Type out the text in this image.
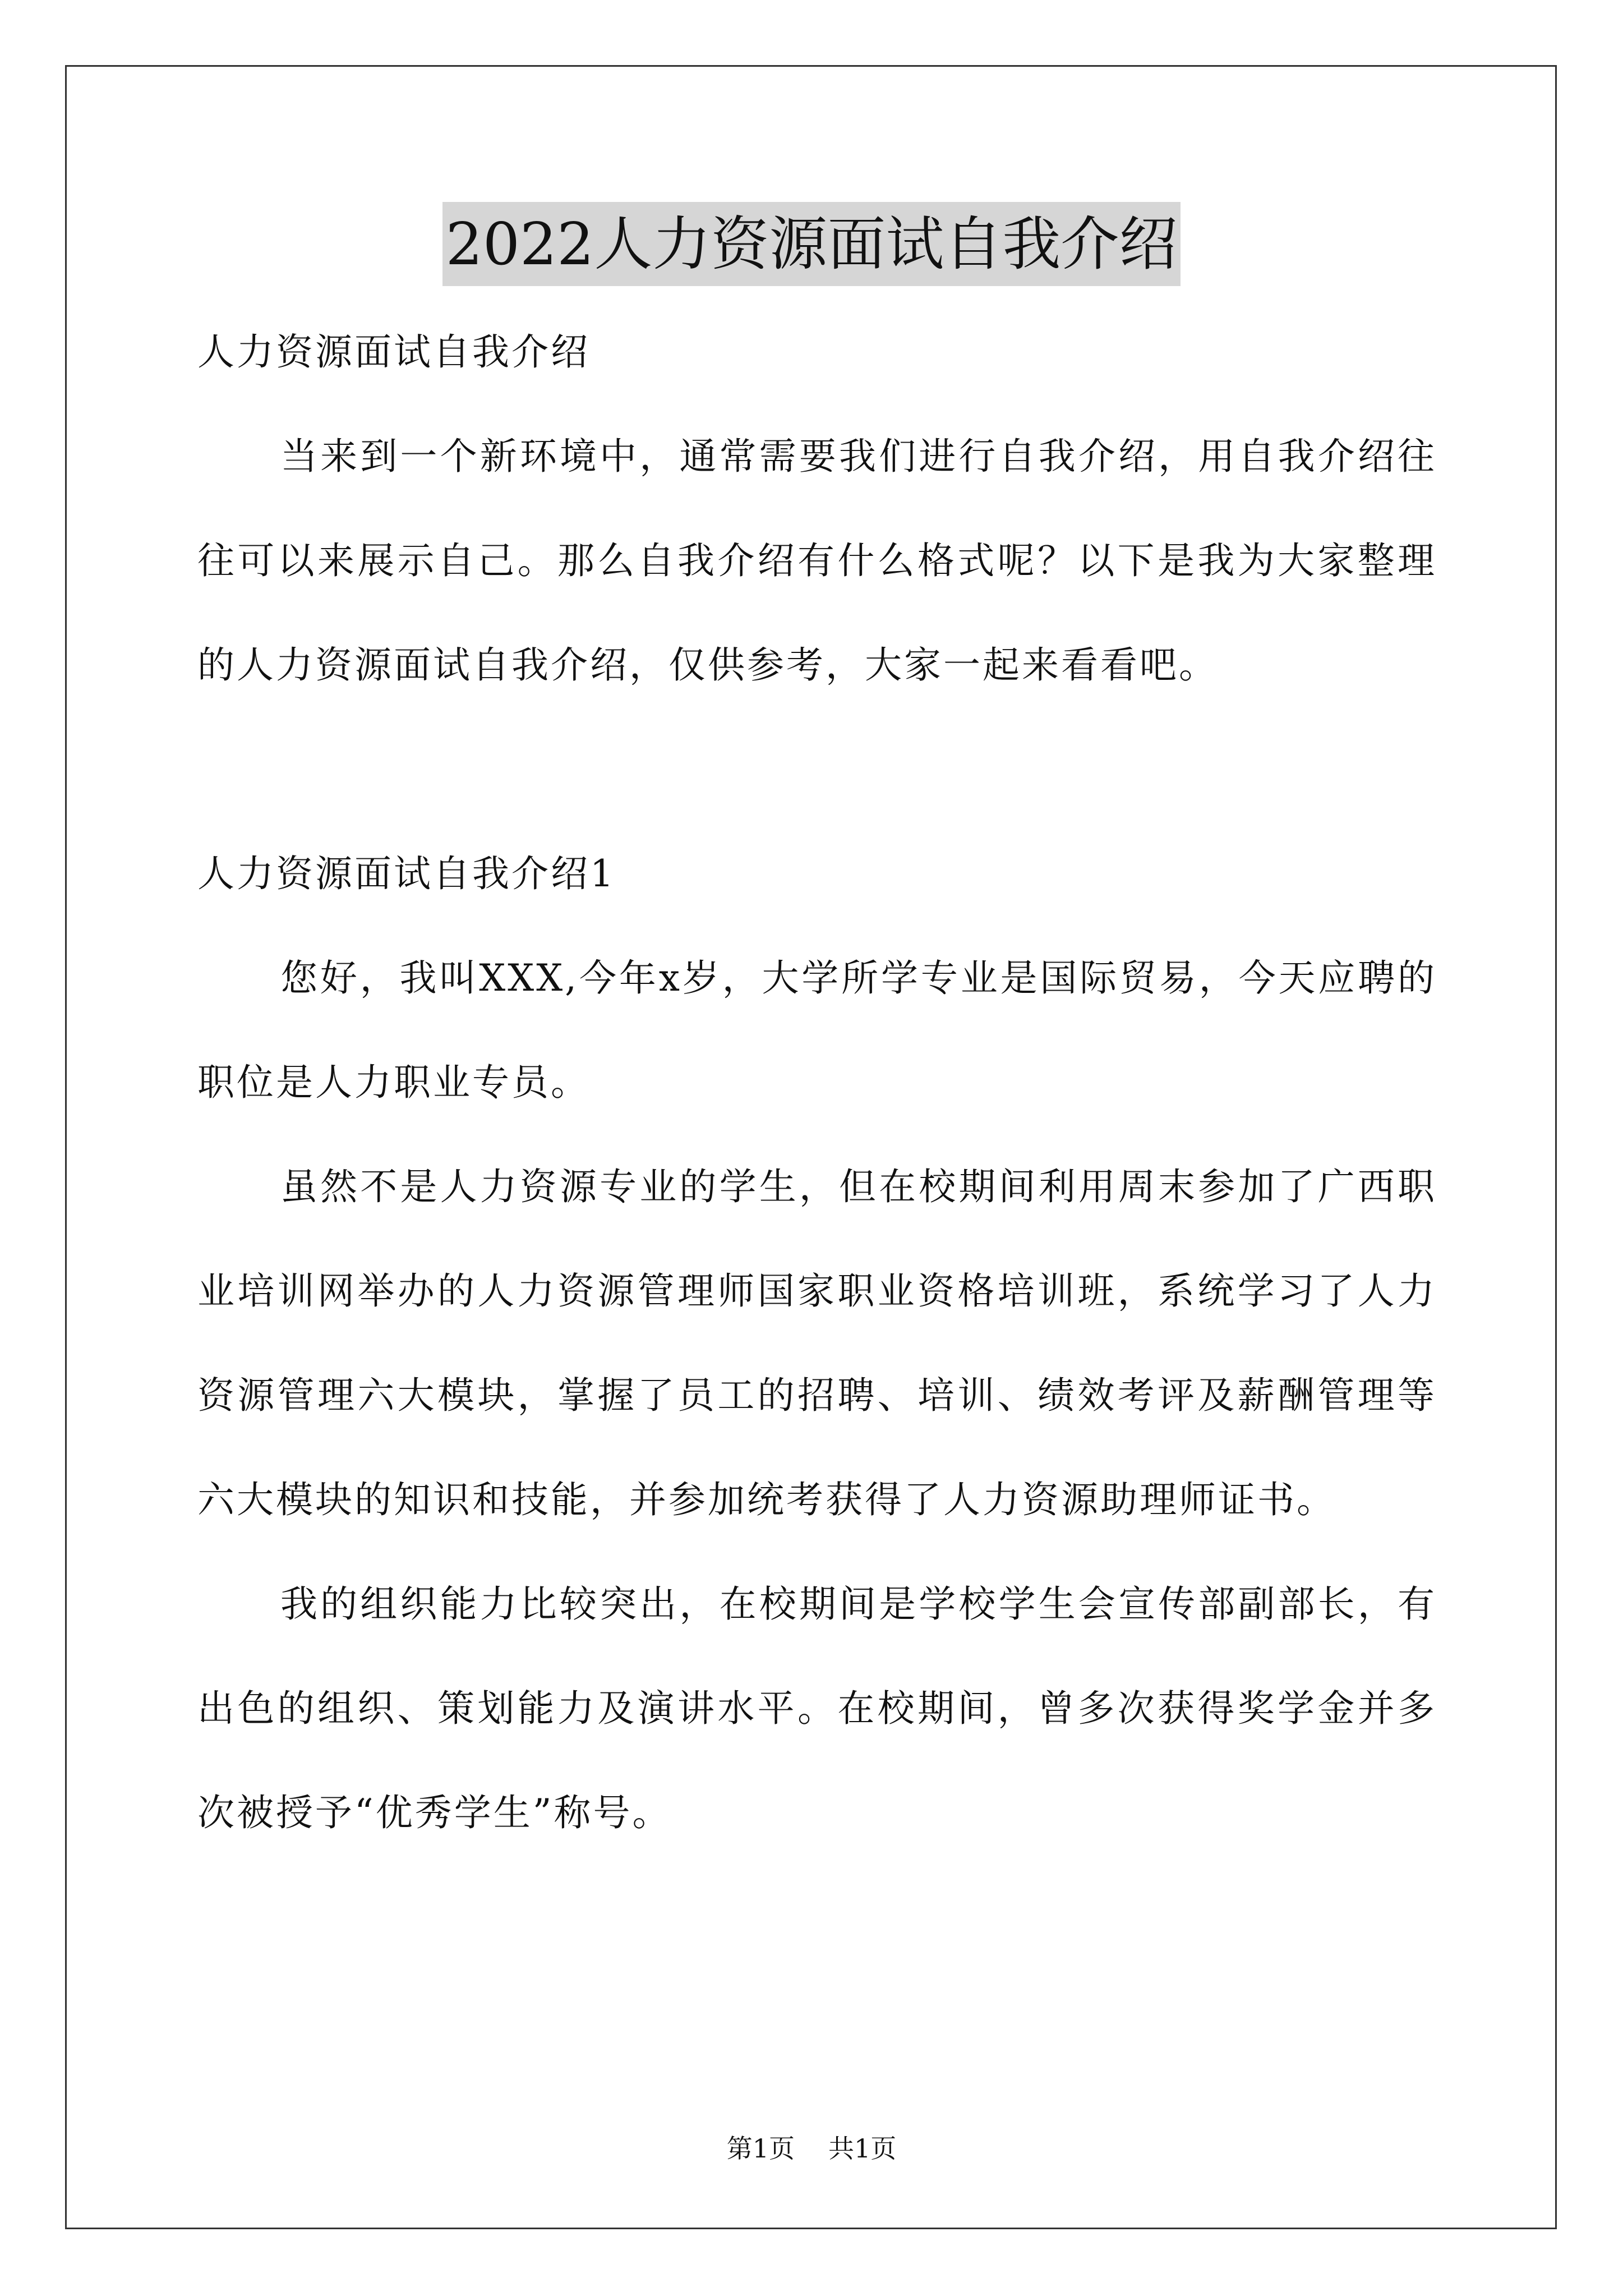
2022人力资源面试自我介绍

人力资源面试自我介绍

当来到一个新环境中，通常需要我们进行自我介绍，用自我介绍往往可以来展示自己。那么自我介绍有什么格式呢？以下是我为大家整理的人力资源面试自我介绍，仅供参考，大家一起来看看吧。

人力资源面试自我介绍1

您好，我叫XXX,今年x岁，大学所学专业是国际贸易，今天应聘的职位是人力职业专员。

虽然不是人力资源专业的学生，但在校期间利用周末参加了广西职业培训网举办的人力资源管理师国家职业资格培训班，系统学习了人力资源管理六大模块，掌握了员工的招聘、培训、绩效考评及薪酬管理等六大模块的知识和技能，并参加统考获得了人力资源助理师证书。

我的组织能力比较突出，在校期间是学校学生会宣传部副部长，有出色的组织、策划能力及演讲水平。在校期间，曾多次获得奖学金并多次被授予“优秀学生”称号。

第1页 共1页
